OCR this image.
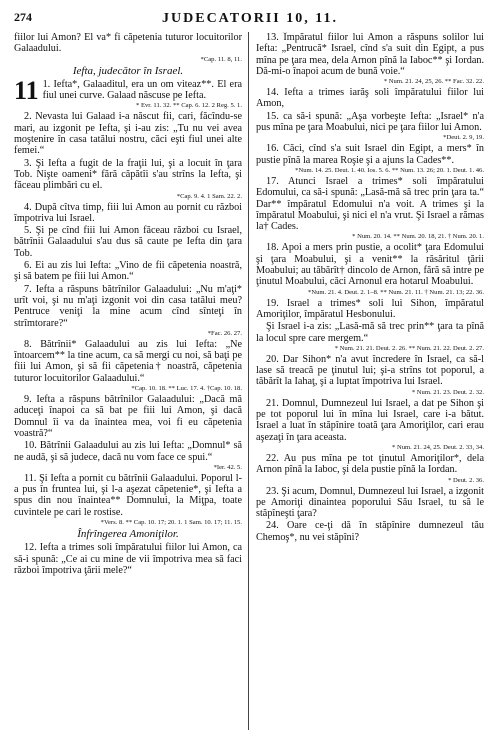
274	JUDECATORII 10, 11.

fiilor lui Amon? El va* fi căpetenia tuturor locuitorilor Galaadului.

*Cap. 11. 8, 11.
Iefta, judecător în Israel.

11 1. Iefta*, Galaaditul, era un om viteaz**. El era fiul unei curve. Galaad născuse pe Iefta.

* Evr. 11. 32. ** Cap. 6. 12. 2 Reg. 5. 1.

2. Nevasta lui Galaad i-a născut fii, cari, făcîndu-se mari, au izgonit pe Iefta, şi i-au zis: „Tu nu vei avea moştenire în casa tatălui nostru, căci eşti fiul unei alte femei.“

3. Şi Iefta a fugit de la fraţii lui, şi a locuit în ţara Tob. Nişte oameni* fără căpătîi s'au strîns la Iefta, şi făceau plimbări cu el.

*Cap. 9. 4. 1 Sam. 22. 2.

4. După cîtva timp, fiii lui Amon au pornit cu război împotriva lui Israel.

5. Şi pe cînd fiii lui Amon făceau război cu Israel, bătrînii Galaadului s'au dus să caute pe Iefta din ţara Tob.

6. Ei au zis lui Iefta: „Vino de fii căpetenia noastră, şi să batem pe fiii lui Amon.“

7. Iefta a răspuns bătrînilor Galaadului: „Nu m'aţi* urît voi, şi nu m'aţi izgonit voi din casa tatălui meu? Pentruce veniţi la mine acum cînd sînteţi în strîmtorare?“

*Fac. 26. 27.

8. Bătrînii* Galaadului au zis lui Iefta: „Ne întoarcem** la tine acum, ca să mergi cu noi, să baţi pe fiii lui Amon, şi să fii căpetenia† noastră, căpetenia tuturor locuitorilor Galaadului.“

*Cap. 10. 18. ** Luc. 17. 4. †Cap. 10. 18.

9. Iefta a răspuns bătrînilor Galaadului: „Dacă mă aduceţi înapoi ca să bat pe fiii lui Amon, şi dacă Domnul îi va da înaintea mea, voi fi eu căpetenia voastră?“

10. Bătrînii Galaadului au zis lui Iefta: „Domnul* să ne audă, şi să judece, dacă nu vom face ce spui.“

*Ier. 42. 5.

11. Şi Iefta a pornit cu bătrînii Galaadului. Poporul l-a pus în fruntea lui, şi l-a aşezat căpetenie*, şi Iefta a spus din nou înaintea** Domnului, la Miţpa, toate cuvintele pe cari le rostise.

*Vers. 8. ** Cap. 10. 17; 20. 1. 1 Sam. 10. 17; 11. 15.
Înfrîngerea Amoniţilor.

12. Iefta a trimes soli împăratului fiilor lui Amon, ca să-i spună: „Ce ai cu mine de vii împotriva mea să faci război împotriva ţării mele?“

13. Împăratul fiilor lui Amon a răspuns solilor lui Iefta: „Pentrucă* Israel, cînd s'a suit din Egipt, a pus mîna pe ţara mea, dela Arnon pînă la Iaboc** şi Iordan. Dă-mi-o înapoi acum de bună voie.“

* Num. 21. 24, 25, 26. ** Fac. 32. 22.

14. Iefta a trimes iarăş soli împăratului fiilor lui Amon,

15. ca să-i spună: „Aşa vorbeşte Iefta: „Israel* n'a pus mîna pe ţara Moabului, nici pe ţara fiilor lui Amon.

*Deut. 2. 9, 19.

16. Căci, cînd s'a suit Israel din Egipt, a mers* în pustie pînă la marea Roşie şi a ajuns la Cades**.

*Num. 14. 25. Deut. 1. 40. Ios. 5. 6. ** Num. 13. 26; 20. 1. Deut. 1. 46.

17. Atunci Israel a trimes* soli împăratului Edomului, ca să-i spună: „Lasă-mă să trec prin ţara ta.“ Dar** împăratul Edomului n'a voit. A trimes şi la împăratul Moabului, şi nici el n'a vrut. Şi Israel a rămas la† Cades.

* Num. 20. 14. ** Num. 20. 18, 21. † Num. 20. 1.

18. Apoi a mers prin pustie, a ocolit* ţara Edomului şi ţara Moabului, şi a venit** la răsăritul ţării Moabului; au tăbărît† dincolo de Arnon, fără să intre pe ţinutul Moabului, căci Arnonul era hotarul Moabului.

*Num. 21. 4. Deut. 2. 1–8. ** Num. 21. 11. † Num. 21. 13; 22. 36.

19. Israel a trimes* soli lui Sihon, împăratul Amoriţilor, împăratul Hesbonului.

Şi Israel i-a zis: „Lasă-mă să trec prin** ţara ta pînă la locul spre care mergem.“

* Num. 21. 21. Deut. 2. 26. ** Num. 21. 22. Deut. 2. 27.

20. Dar Sihon* n'a avut încredere în Israel, ca să-l lase să treacă pe ţinutul lui; şi-a strîns tot poporul, a tăbărît la Iahaţ, şi a luptat împotriva lui Israel.

* Num. 21. 23. Deut. 2. 32.

21. Domnul, Dumnezeul lui Israel, a dat pe Sihon şi pe tot poporul lui în mîna lui Israel, care i-a bătut. Israel a luat în stăpînire toată ţara Amoriţilor, cari erau aşezaţi în ţara aceasta.

* Num. 21. 24, 25. Deut. 2. 33, 34.

22. Au pus mîna pe tot ţinutul Amoriţilor*, dela Arnon pînă la Iaboc, şi dela pustie pînă la Iordan.

* Deut. 2. 36.

23. Şi acum, Domnul, Dumnezeul lui Israel, a izgonit pe Amoriţi dinaintea poporului Său Israel, tu să le stăpîneşti ţara?

24. Oare ce-ţi dă în stăpînire dumnezeul tău Chemoş*, nu vei stăpîni?
